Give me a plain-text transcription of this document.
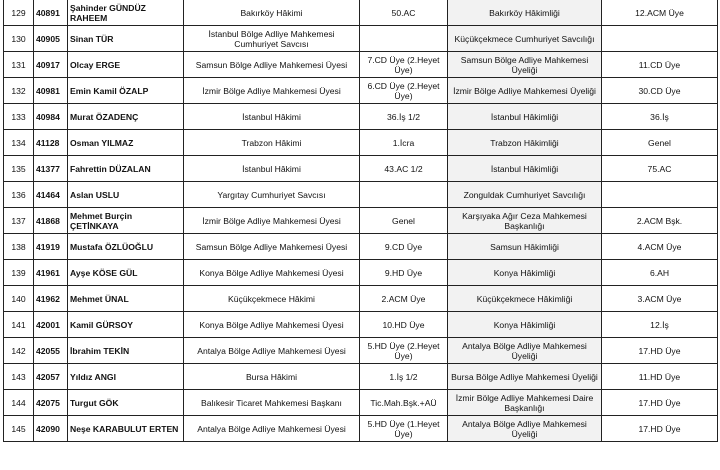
129	40891	Şahinder GÜNDÜZ RAHEEM	Bakırköy Hâkimi	50.AC	Bakırköy Hâkimliği	12.ACM Üye
130	40905	Sinan TÜR	İstanbul Bölge Adliye Mahkemesi Cumhuriyet Savcısı		Küçükçekmece Cumhuriyet Savcılığı	
131	40917	Olcay ERGE	Samsun Bölge Adliye Mahkemesi Üyesi	7.CD Üye (2.Heyet Üye)	Samsun Bölge Adliye Mahkemesi Üyeliği	11.CD Üye
132	40981	Emin Kamil ÖZALP	İzmir Bölge Adliye Mahkemesi Üyesi	6.CD Üye (2.Heyet Üye)	İzmir Bölge Adliye Mahkemesi Üyeliği	30.CD Üye
133	40984	Murat ÖZADENÇ	İstanbul Hâkimi	36.İş 1/2	İstanbul Hâkimliği	36.İş
134	41128	Osman YILMAZ	Trabzon Hâkimi	1.İcra	Trabzon Hâkimliği	Genel
135	41377	Fahrettin DÜZALAN	İstanbul Hâkimi	43.AC 1/2	İstanbul Hâkimliği	75.AC
136	41464	Aslan USLU	Yargıtay Cumhuriyet Savcısı		Zonguldak Cumhuriyet Savcılığı	
137	41868	Mehmet Burçin ÇETİNKAYA	İzmir Bölge Adliye Mahkemesi Üyesi	Genel	Karşıyaka Ağır Ceza Mahkemesi Başkanlığı	2.ACM Bşk.
138	41919	Mustafa ÖZLÜOĞLU	Samsun Bölge Adliye Mahkemesi Üyesi	9.CD Üye	Samsun Hâkimliği	4.ACM Üye
139	41961	Ayşe KÖSE GÜL	Konya Bölge Adliye Mahkemesi Üyesi	9.HD Üye	Konya Hâkimliği	6.AH
140	41962	Mehmet ÜNAL	Küçükçekmece Hâkimi	2.ACM Üye	Küçükçekmece Hâkimliği	3.ACM Üye
141	42001	Kamil GÜRSOY	Konya Bölge Adliye Mahkemesi Üyesi	10.HD Üye	Konya Hâkimliği	12.İş
142	42055	İbrahim TEKİN	Antalya Bölge Adliye Mahkemesi Üyesi	5.HD Üye (2.Heyet Üye)	Antalya Bölge Adliye Mahkemesi Üyeliği	17.HD Üye
143	42057	Yıldız ANGI	Bursa Hâkimi	1.İş 1/2	Bursa Bölge Adliye Mahkemesi Üyeliği	11.HD Üye
144	42075	Turgut GÖK	Balıkesir Ticaret Mahkemesi Başkanı	Tic.Mah.Bşk.+AÜ	İzmir Bölge Adliye Mahkemesi Daire Başkanlığı	17.HD Üye
145	42090	Neşe KARABULUT ERTEN	Antalya Bölge Adliye Mahkemesi Üyesi	5.HD Üye (1.Heyet Üye)	Antalya Bölge Adliye Mahkemesi Üyeliği	17.HD Üye
